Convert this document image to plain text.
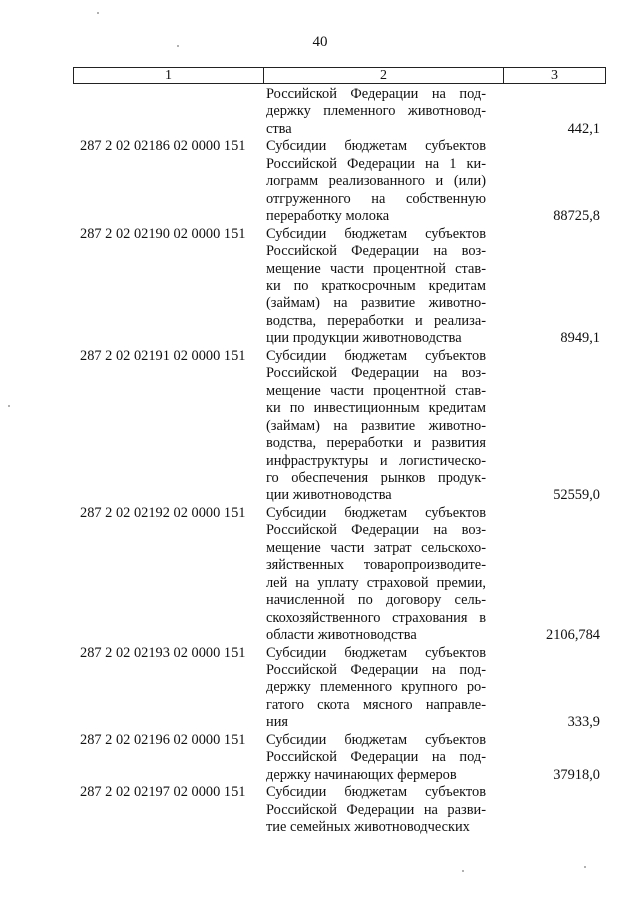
40
1	2	3
Российской Федерации на под-
держку племенного животновод-
ства	442,1
287 2 02 02186 02 0000 151	Субсидии бюджетам субъектов
Российской Федерации на 1 ки-
лограмм реализованного и (или)
отгруженного на собственную
переработку молока	88725,8
287 2 02 02190 02 0000 151	Субсидии бюджетам субъектов
Российской Федерации на воз-
мещение части процентной став-
ки по краткосрочным кредитам
(займам) на развитие животно-
водства, переработки и реализа-
ции продукции животноводства	8949,1
287 2 02 02191 02 0000 151	Субсидии бюджетам субъектов
Российской Федерации на воз-
мещение части процентной став-
ки по инвестиционным кредитам
(займам) на развитие животно-
водства, переработки и развития
инфраструктуры и логистическо-
го обеспечения рынков продук-
ции животноводства	52559,0
287 2 02 02192 02 0000 151	Субсидии бюджетам субъектов
Российской Федерации на воз-
мещение части затрат сельскохо-
зяйственных товаропроизводите-
лей на уплату страховой премии,
начисленной по договору сель-
скохозяйственного страхования в
области животноводства	2106,784
287 2 02 02193 02 0000 151	Субсидии бюджетам субъектов
Российской Федерации на под-
держку племенного крупного ро-
гатого скота мясного направле-
ния	333,9
287 2 02 02196 02 0000 151	Субсидии бюджетам субъектов
Российской Федерации на под-
держку начинающих фермеров	37918,0
287 2 02 02197 02 0000 151	Субсидии бюджетам субъектов
Российской Федерации на разви-
тие семейных животноводческих
